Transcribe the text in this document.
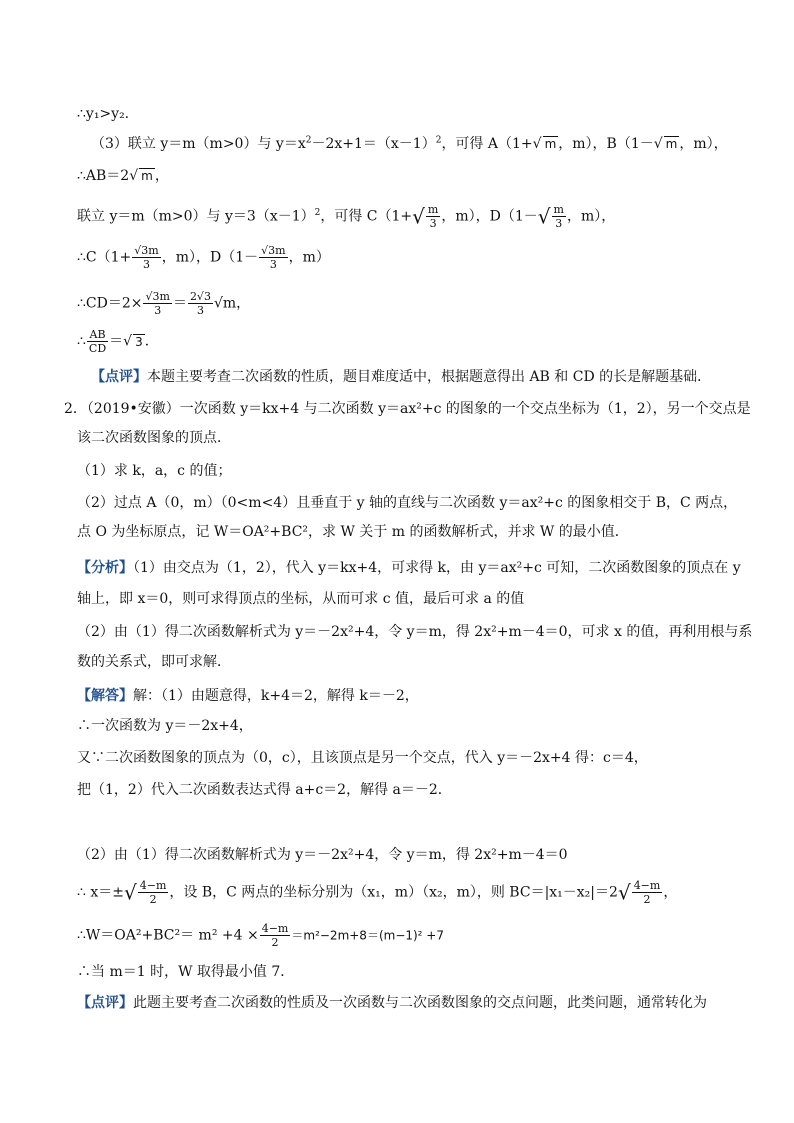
∴y₁>y₂.
（3）联立 y＝m（m>0）与 $y=x^2-2x+1=(x-1)^2$，可得 A（1+√ m ，m），B（1－√ m ，m），
∴AB＝2√ m ，
联立 y＝m（m>0）与 $y=3(x-1)^2$，可得 $C(1+√ \frac{m}{3}$ ，m），$D(1-√ \frac{m}{3}$ ，m），
∴C（1+ $\frac{√3m}{3}$ ，m），$D(1- \frac{√3m}{3}$ ，m）
∴CD＝2× $\frac{√3m}{3} = \frac{2√3}{3} √m$，
∴ $\frac{AB}{CD}$ ＝√ 3 ．
【点评】本题主要考查二次函数的性质，题目难度适中，根据题意得出 AB 和 CD 的长是解题基础．
2．（2019•安徽）一次函数 y＝kx+4 与二次函数 y＝ax²+c 的图象的一个交点坐标为（1，2），另一个交点是
该二次函数图象的顶点．
（1）求 k，a，c 的值；
（2）过点 A（0，m）（0<m<4）且垂直于 y 轴的直线与二次函数 y＝ax²+c 的图象相交于 B，C 两点，
点 O 为坐标原点，记 W＝OA²+BC²，求 W 关于 m 的函数解析式，并求 W 的最小值．
【分析】（1）由交点为（1，2），代入 y＝kx+4，可求得 k，由 y＝ax²+c 可知，二次函数图象的顶点在 y
轴上，即 x＝0，则可求得顶点的坐标，从而可求 c 值，最后可求 a 的值
（2）由（1）得二次函数解析式为 y＝－2x²+4，令 y＝m，得 2x²+m－4＝0，可求 x 的值，再利用根与系
数的关系式，即可求解．
【解答】解：（1）由题意得，k+4＝2，解得 k＝－2，
∴一次函数为 y＝－2x+4，
又∵二次函数图象的顶点为（0，c），且该顶点是另一个交点，代入 y＝－2x+4 得：c＝4，
把（1，2）代入二次函数表达式得 a+c＝2，解得 a＝－2．
（2）由（1）得二次函数解析式为 y＝－2x²+4，令 y＝m，得 2x²+m－4＝0
∴ $x=\pm√ \frac{4-m}{2}$ ，设 B，C 两点的坐标分别为（x₁，m）（x₂，m），则 $BC=|x_1-x_2|=2√ \frac{4-m}{2}$ ，
∴W＝OA²+BC²＝ $m^2 +4 \times \frac{4-m}{2} =m^2-2m+8=(m-1)^2 +7$
∴当 m＝1 时，W 取得最小值 7．
【点评】此题主要考查二次函数的性质及一次函数与二次函数图象的交点问题，此类问题，通常转化为
